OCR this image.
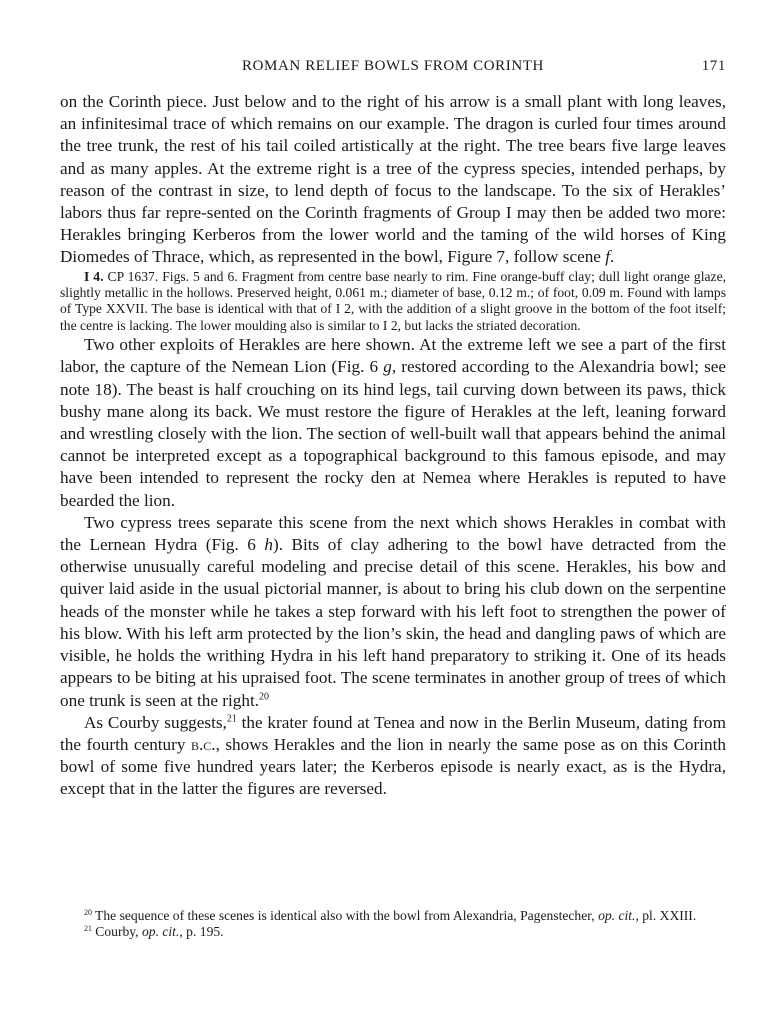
ROMAN RELIEF BOWLS FROM CORINTH	171

on the Corinth piece. Just below and to the right of his arrow is a small plant with long leaves, an infinitesimal trace of which remains on our example. The dragon is curled four times around the tree trunk, the rest of his tail coiled artistically at the right. The tree bears five large leaves and as many apples. At the extreme right is a tree of the cypress species, intended perhaps, by reason of the contrast in size, to lend depth of focus to the landscape. To the six of Herakles’ labors thus far repre-sented on the Corinth fragments of Group I may then be added two more: Herakles bringing Kerberos from the lower world and the taming of the wild horses of King Diomedes of Thrace, which, as represented in the bowl, Figure 7, follow scene f.

I 4. CP 1637. Figs. 5 and 6. Fragment from centre base nearly to rim. Fine orange-buff clay; dull light orange glaze, slightly metallic in the hollows. Preserved height, 0.061 m.; diameter of base, 0.12 m.; of foot, 0.09 m. Found with lamps of Type XXVII. The base is identical with that of I 2, with the addition of a slight groove in the bottom of the foot itself; the centre is lacking. The lower moulding also is similar to I 2, but lacks the striated decoration.

Two other exploits of Herakles are here shown. At the extreme left we see a part of the first labor, the capture of the Nemean Lion (Fig. 6 g, restored according to the Alexandria bowl; see note 18). The beast is half crouching on its hind legs, tail curving down between its paws, thick bushy mane along its back. We must restore the figure of Herakles at the left, leaning forward and wrestling closely with the lion. The section of well-built wall that appears behind the animal cannot be interpreted except as a topographical background to this famous episode, and may have been intended to represent the rocky den at Nemea where Herakles is reputed to have bearded the lion.

Two cypress trees separate this scene from the next which shows Herakles in combat with the Lernean Hydra (Fig. 6 h). Bits of clay adhering to the bowl have detracted from the otherwise unusually careful modeling and precise detail of this scene. Herakles, his bow and quiver laid aside in the usual pictorial manner, is about to bring his club down on the serpentine heads of the monster while he takes a step forward with his left foot to strengthen the power of his blow. With his left arm protected by the lion’s skin, the head and dangling paws of which are visible, he holds the writhing Hydra in his left hand preparatory to striking it. One of its heads appears to be biting at his upraised foot. The scene terminates in another group of trees of which one trunk is seen at the right.$^{20}$

As Courby suggests,$^{21}$ the krater found at Tenea and now in the Berlin Museum, dating from the fourth century b.c., shows Herakles and the lion in nearly the same pose as on this Corinth bowl of some five hundred years later; the Kerberos episode is nearly exact, as is the Hydra, except that in the latter the figures are reversed.

$^{20}$ The sequence of these scenes is identical also with the bowl from Alexandria, Pagenstecher, op. cit., pl. XXIII.

$^{21}$ Courby, op. cit., p. 195.
